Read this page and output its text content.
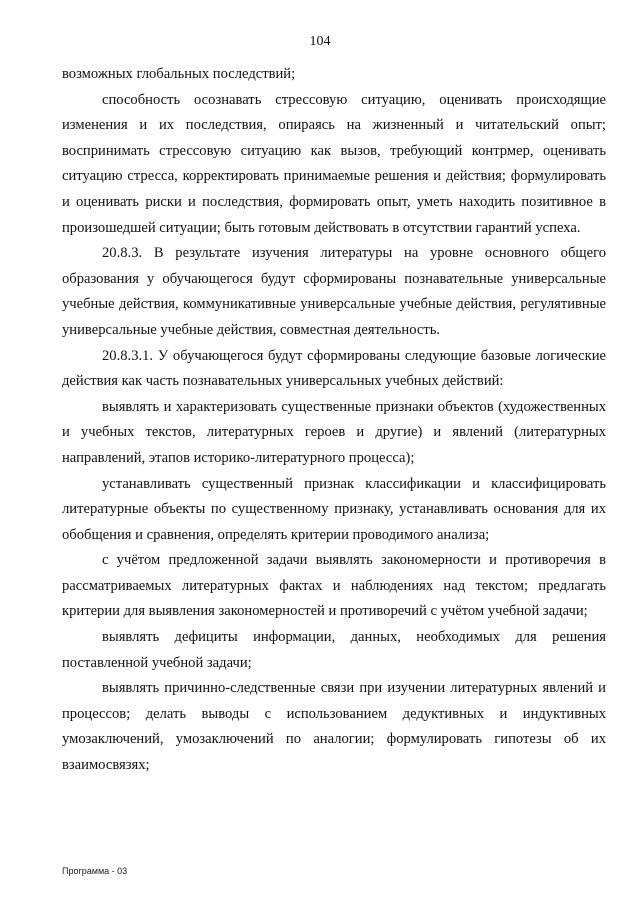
104

возможных глобальных последствий;

способность осознавать стрессовую ситуацию, оценивать происходящие изменения и их последствия, опираясь на жизненный и читательский опыт; воспринимать стрессовую ситуацию как вызов, требующий контрмер, оценивать ситуацию стресса, корректировать принимаемые решения и действия; формулировать и оценивать риски и последствия, формировать опыт, уметь находить позитивное в произошедшей ситуации; быть готовым действовать в отсутствии гарантий успеха.

20.8.3. В результате изучения литературы на уровне основного общего образования у обучающегося будут сформированы познавательные универсальные учебные действия, коммуникативные универсальные учебные действия, регулятивные универсальные учебные действия, совместная деятельность.

20.8.3.1. У обучающегося будут сформированы следующие базовые логические действия как часть познавательных универсальных учебных действий:

выявлять и характеризовать существенные признаки объектов (художественных и учебных текстов, литературных героев и другие) и явлений (литературных направлений, этапов историко-литературного процесса);

устанавливать существенный признак классификации и классифицировать литературные объекты по существенному признаку, устанавливать основания для их обобщения и сравнения, определять критерии проводимого анализа;

с учётом предложенной задачи выявлять закономерности и противоречия в рассматриваемых литературных фактах и наблюдениях над текстом; предлагать критерии для выявления закономерностей и противоречий с учётом учебной задачи;

выявлять дефициты информации, данных, необходимых для решения поставленной учебной задачи;

выявлять причинно-следственные связи при изучении литературных явлений и процессов; делать выводы с использованием дедуктивных и индуктивных умозаключений, умозаключений по аналогии; формулировать гипотезы об их взаимосвязях;

Программа - 03
